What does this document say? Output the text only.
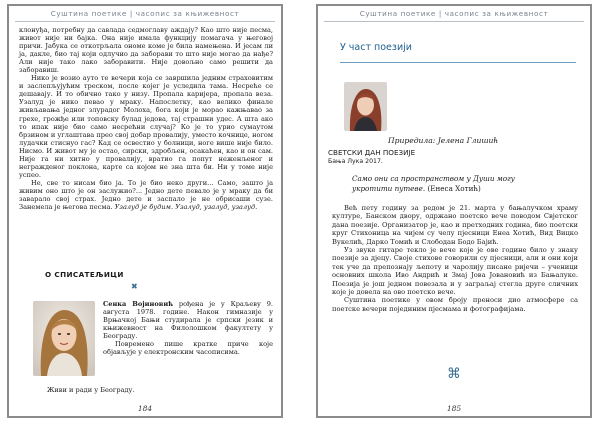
Суштина поетике | часопис за књижевност

клонуђа, потребну да савлада седмоглаву аждају? Као што није песма, живот није ни бајка. Она није имала функцију помагача у његовој причи. Јабука се откотрљала ономе коме је била намењена. И јесам ли ја, дакле, био тај који одлучио да заборави то што није могао да нађе? Али није тако лако заборавити. Није довољно само решити да заборавиш.

Нико је возио ауто те вечери која се завршила једним страховитим и заслепљујућим треском, после којег је уследила тама. Несреће се дешавају. И то обично тако у низу. Пропала каријера, пропала веза. Узалуд је нико певао у мраку. Напослетку, као велико финале живљавања једног злурадог Молоха, бога који је морао кажњавао за грехе, грожђе или топовску булад једова, тај страшни удес. А шта ако то ипак није био само несрећни случај? Ко је то урио сумаутом брзином и углаштава прео свој добар провалију, уместо кочнице, ногом лудачки стиснуо гас? Кад се освестио у болници, ноге више није било. Нисмо. И живот му је остао, сирски, здробљен, осакаћен, као и он сам. Није га ни хитно у провалију, вратио га попут неженљеног и негражденог поклона, карте са којом не зна шта би. Ни у томе није успео.

Не, све то нисам био ја. То је био неко други... Само, зашто ја живим оно што је он заслужио?... Једно дете певало је у мраку да би заварало свој страх. Једно дете и заспало је не обрисаши сузе. Занемела је његова песма. Узалуд је будим. Узалуд, узалуд, узалуд.

О СПИСАТЕЉИЦИ
✖

Сенка Војиновић рођена је у Краљеву 9. августа 1978. године. Након гимназије у Врњачкој Бањи студирала је српски језик и књижевност на Филолошком факултету у Београду.

Повремено пише кратке приче које објављује у електронским часописима.

Живи и ради у Београду.
184
Суштина поетике | часопис за књижевност
У част поезији
Приредила: Јелена Глишић
СВЕТСКИ ДАН ПОЕЗИЈЕ
Бања Лука 2017.
Само они са пространством у Души могу
укротити путеве. (Енеса Хотић)

Већ пету годину за редом је 21. марта у бањалучком храму културе, Банском двору, одржано поетско вече поводом Свјетског дана поезије. Организатор је, као и претходних година, био поетски круг Стихоница на чијем су челу пјесници Енеа Хотић, Вид Вицко Вукелић, Дарко Томић и Слободан Бодо Бајић.

Уз звуке гитаре текло је вече које је ове године било у знаку поезије за дјецу. Своје стихове говорили су пјесници, али и они који тек уче да препознају љепоту и чаролију писане ријечи – ученици основних школа Иво Андрић и Змај Јова Јовановић из Бањалуке. Поезија је још једном повезала и у заграљај стегла друге сличних које је довела на ово поетско вече.

Суштина поетике у овом броју преноси дио атмосфере са поетске вечери појединим пјесмама и фотографијама.

⌘
185
